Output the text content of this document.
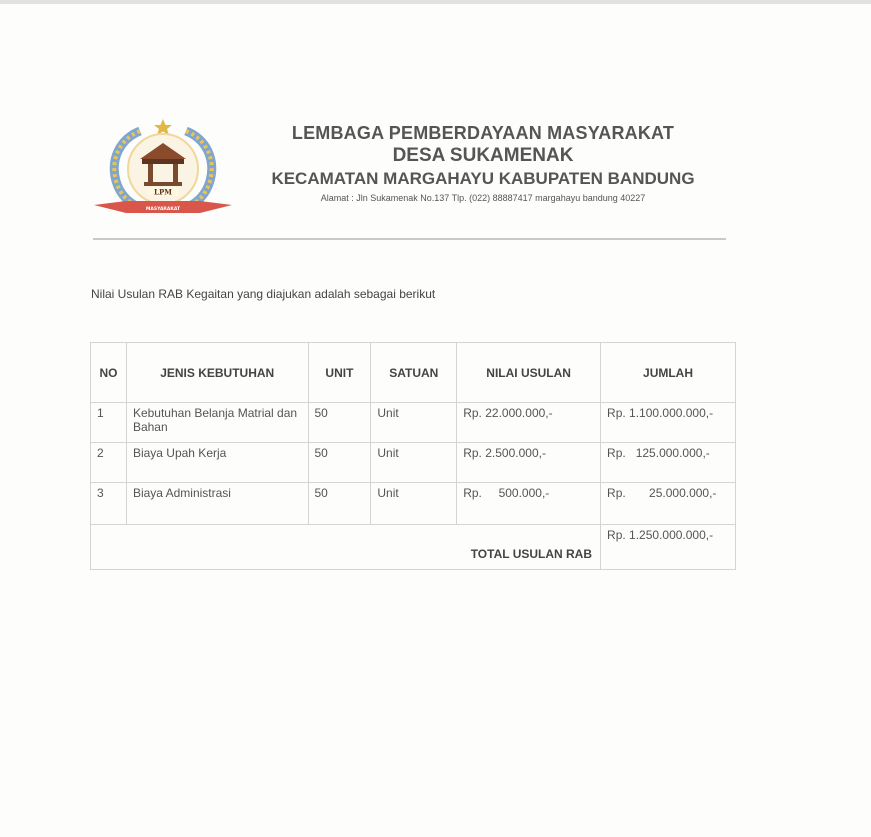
LPM
MASYARAKAT
LEMBAGA PEMBERDAYAAN MASYARAKAT
DESA SUKAMENAK
KECAMATAN MARGAHAYU KABUPATEN BANDUNG
Alamat : Jln Sukamenak No.137 Tlp. (022) 88887417 margahayu bandung 40227
Nilai Usulan RAB Kegaitan yang diajukan adalah sebagai berikut
NO	JENIS KEBUTUHAN	UNIT	SATUAN	NILAI USULAN	JUMLAH
1	Kebutuhan Belanja Matrial dan Bahan	50	Unit	Rp. 22.000.000,-	Rp. 1.100.000.000,-
2	Biaya Upah Kerja	50	Unit	Rp. 2.500.000,-	Rp.   125.000.000,-
3	Biaya Administrasi	50	Unit	Rp.     500.000,-	Rp.       25.000.000,-
TOTAL USULAN RAB					Rp. 1.250.000.000,-
